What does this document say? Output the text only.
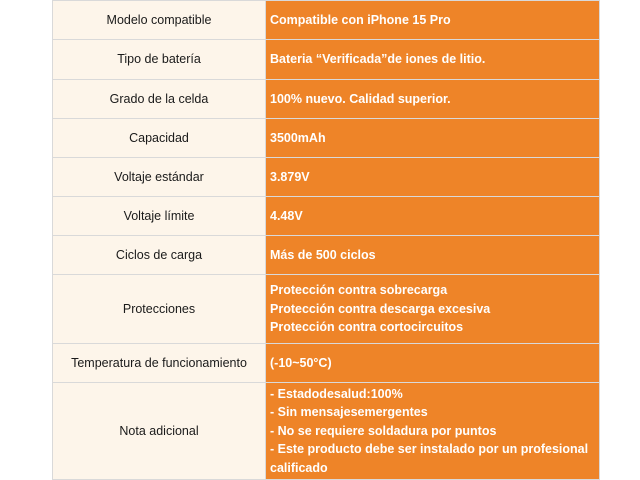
Modelo compatible	Compatible con iPhone 15 Pro

Tipo de batería	Bateria “Verificada”de iones de litio.

Grado de la celda	100% nuevo. Calidad superior.

Capacidad	3500mAh

Voltaje estándar	3.879V

Voltaje límite	4.48V

Ciclos de carga	Más de 500 ciclos

Protecciones	Protección contra sobrecarga
Protección contra descarga excesiva
Protección contra cortocircuitos

Temperatura de funcionamiento	(-10~50°C)

Nota adicional	- Estadodesalud:100%
- Sin mensajesemergentes
- No se requiere soldadura por puntos
- Este producto debe ser instalado por un profesional calificado
